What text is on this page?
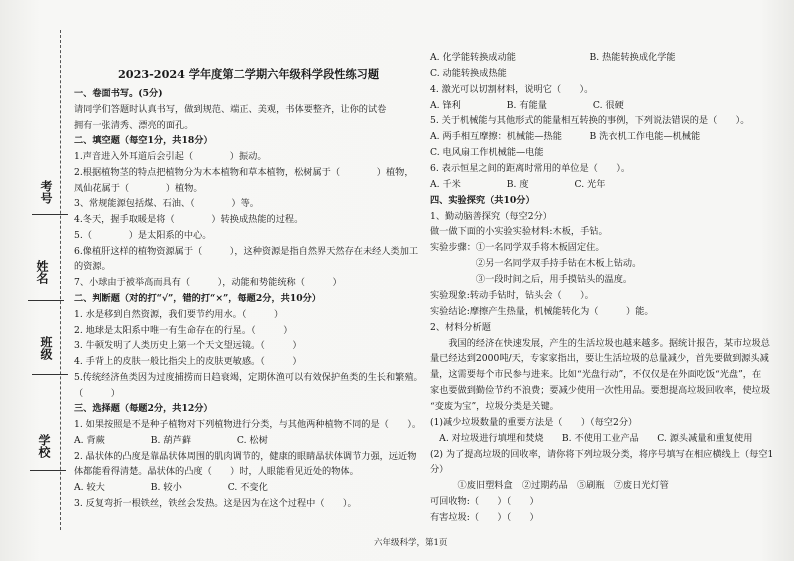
考号
姓名
班级
学校
2023-2024 学年度第二学期六年级科学段性练习题
一、卷面书写。(5分)
请同学们答题时认真书写，做到规范、端正、美观，书体要整齐，让你的试卷
拥有一张清秀、漂亮的面孔。
二、填空题（每空1分，共18分）
1.声音进入外耳道后会引起（　　　　）振动。
2.根据植物茎的特点把植物分为木本植物和草本植物，松树属于（　　　　）植物，
凤仙花属于（　　　　）植物。
3、常规能源包括煤、石油、（　　　　）等。
4.冬天，握手取暖是将（　　　　）转换成热能的过程。
5.（　　　　）是太阳系的中心。
6.像植肝这样的植物资源属于（　　　），这种资源是指自然界天然存在未经人类加工
的资源。
7、小球由于被举高而具有（　　　），动能和势能统称（　　　）
二、判断题（对的打“√”，错的打“×”，每题2分，共10分）
1. 水是移到自然资源，我们要节约用水。（　　　）
2. 地球是太阳系中唯一有生命存在的行星。（　　　）
3. 牛顿发明了人类历史上第一个天文望远镜。（　　　）
4. 手背上的皮肤一般比指尖上的皮肤更敏感。（　　　）
5.传统经济鱼类因为过度捕捞而日趋衰竭，定期休渔可以有效保护鱼类的生长和繁殖。
（　　　）
三、选择题（每题2分，共12分）
1. 如果按照是不是种子植物对下列植物进行分类，与其他两种植物不同的是（　　）。
A. 背蕨　　　　　B. 葫芦藓　　　　　C. 松树
2. 晶状体的凸度是靠晶状体周围的肌肉调节的，健康的眼睛晶状体调节力强，远近物
体都能看得清楚。晶状体的凸度（　　）时，人眼能看见近处的物体。
A. 较大　　　　　B. 较小　　　　　C. 不变化
3. 反复弯折一根铁丝，铁丝会发热。这是因为在这个过程中（　　）。
A. 化学能转换成动能　　　　　　　　B. 热能转换成化学能
C. 动能转换成热能
4. 激光可以切割材料，说明它（　　）。
A. 锋利　　　　　B. 有能量　　　　　C. 很硬
5. 关于机械能与其他形式的能量相互转换的事例，下列说法错误的是（　　）。
A. 两手相互摩擦：机械能—热能　　　B 洗衣机工作电能—机械能
C. 电风扇工作机械能—电能
6. 表示恒星之间的距离时常用的单位是（　　）。
A. 千米　　　　　B. 度　　　　　C. 光年
四、实验探究（共10分）
1、勤动脑善探究（每空2分）
做一做下面的小实验实验材料:木板，手钻。
实验步骤：①一名同学双手将木板固定住。
　　　　　②另一名同学双手持手钻在木板上钻动。
　　　　　③一段时间之后，用手摸钻头的温度。
实验现象:转动手钻时，钻头会（　　）。
实验结论:摩擦产生热量，机械能转化为（　　　）能。
2、材料分析题
　　我国的经济在快速发展，产生的生活垃圾也越来越多。据统计报告，某市垃圾总
量已经达到2000吨/天，专家家指出，要让生活垃圾的总量减少，首先要做到源头减
量，这需要每个市民参与进来。比如“光盘行动”，不仅仅是在外面吃饭“光盘”，在
家也要做到勤俭节约不浪费；要减少使用一次性用品。要想提高垃圾回收率，使垃圾
“变废为宝”，垃圾分类是关键。
(1)减少垃圾数量的重要方法是（　　）（每空2分）
　A. 对垃圾进行填埋和焚烧　　B. 不使用工业产品　　C. 源头减量和重复使用
(2) 为了提高垃圾的回收率，请你将下列垃圾分类，将序号填写在相应横线上（每空1
分）
　　　①废旧塑料盒　②过期药品　⑤刷瓶　⑦废日光灯管
可回收物:（　　）（　　）
有害垃圾:（　　）（　　）
六年级科学，第1页
